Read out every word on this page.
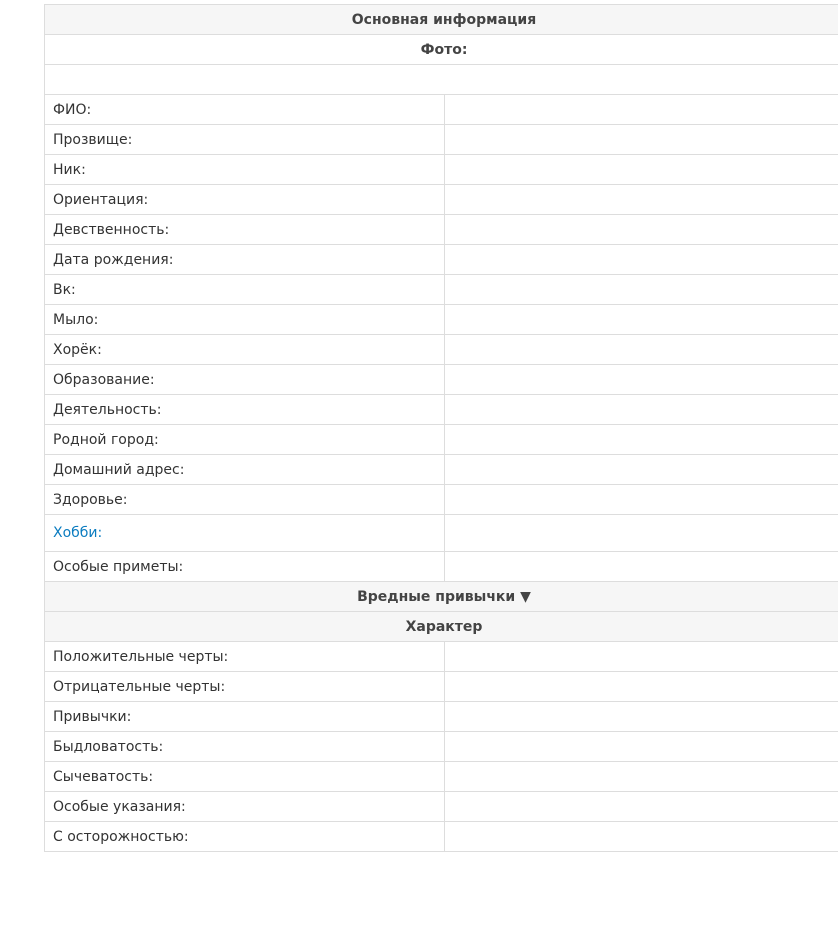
Основная информация	
Фото:	

ФИО:	
Прозвище:	
Ник:	
Ориентация:	
Девственность:	
Дата рождения:	
Вк:	
Мыло:	
Хорёк:	
Образование:	
Деятельность:	
Родной город:	
Домашний адрес:	
Здоровье:	
Хобби:	
Особые приметы:	
Вредные привычки ▼	
Характер	
Положительные черты:	
Отрицательные черты:	
Привычки:	
Быдловатость:	
Сычеватость:	
Особые указания:	
С осторожностью:	
